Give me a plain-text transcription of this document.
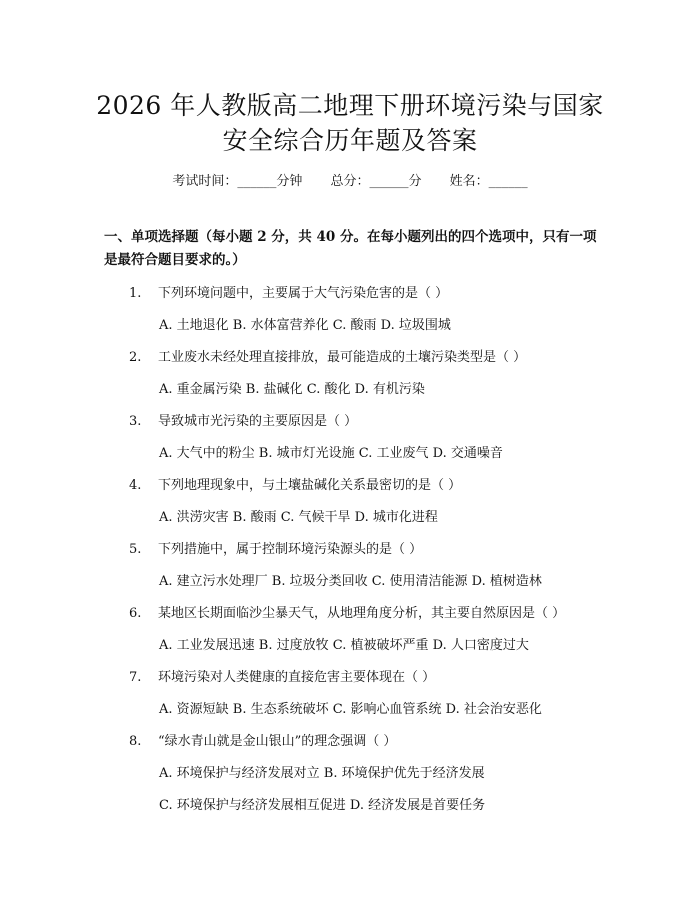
2026 年人教版高二地理下册环境污染与国家
安全综合历年题及答案
考试时间：______分钟 总分：______分 姓名：______
一、单项选择题（每小题 2 分，共 40 分。在每小题列出的四个选项中，只有一项是最符合题目要求的。）
1. 下列环境问题中，主要属于大气污染危害的是（ ）
A. 土地退化 B. 水体富营养化 C. 酸雨 D. 垃圾围城
2. 工业废水未经处理直接排放，最可能造成的土壤污染类型是（ ）
A. 重金属污染 B. 盐碱化 C. 酸化 D. 有机污染
3. 导致城市光污染的主要原因是（ ）
A. 大气中的粉尘 B. 城市灯光设施 C. 工业废气 D. 交通噪音
4. 下列地理现象中，与土壤盐碱化关系最密切的是（ ）
A. 洪涝灾害 B. 酸雨 C. 气候干旱 D. 城市化进程
5. 下列措施中，属于控制环境污染源头的是（ ）
A. 建立污水处理厂 B. 垃圾分类回收 C. 使用清洁能源 D. 植树造林
6. 某地区长期面临沙尘暴天气，从地理角度分析，其主要自然原因是（ ）
A. 工业发展迅速 B. 过度放牧 C. 植被破坏严重 D. 人口密度过大
7. 环境污染对人类健康的直接危害主要体现在（ ）
A. 资源短缺 B. 生态系统破坏 C. 影响心血管系统 D. 社会治安恶化
8. “绿水青山就是金山银山”的理念强调（ ）
A. 环境保护与经济发展对立 B. 环境保护优先于经济发展
C. 环境保护与经济发展相互促进 D. 经济发展是首要任务
